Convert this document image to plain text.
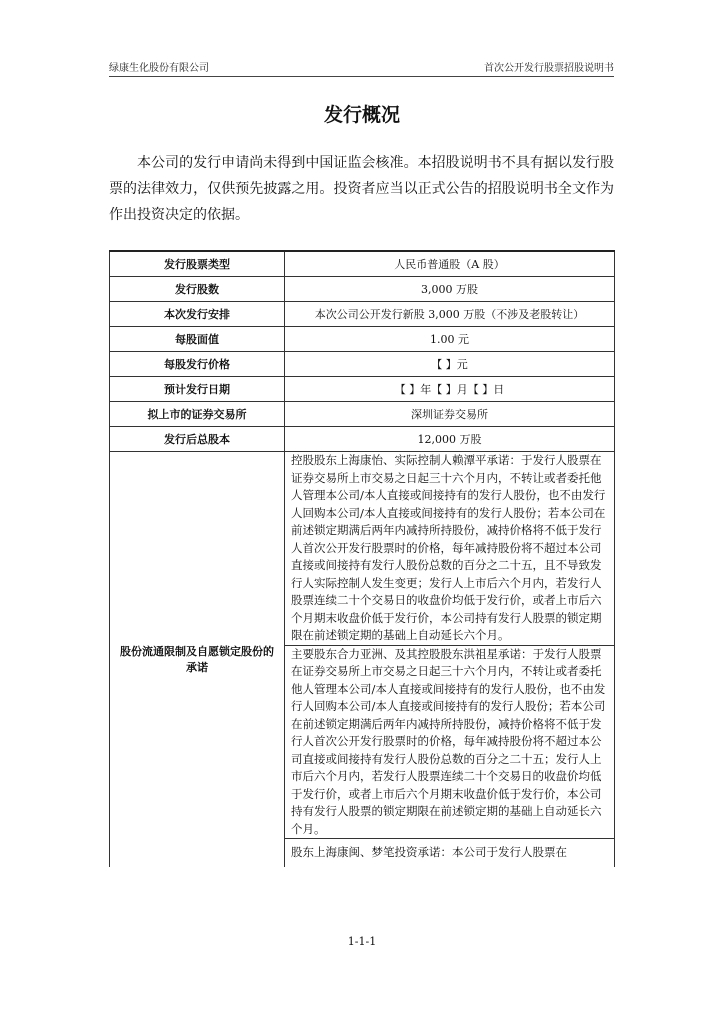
绿康生化股份有限公司	首次公开发行股票招股说明书
发行概况

本公司的发行申请尚未得到中国证监会核准。本招股说明书不具有据以发行股票的法律效力，仅供预先披露之用。投资者应当以正式公告的招股说明书全文作为作出投资决定的依据。

发行股票类型	人民币普通股（A 股）
发行股数	3,000 万股
本次发行安排	本次公司公开发行新股 3,000 万股（不涉及老股转让）
每股面值	1.00 元
每股发行价格	【 】元
预计发行日期	【 】年【 】月【 】日
拟上市的证券交易所	深圳证券交易所
发行后总股本	12,000 万股
股份流通限制及自愿锁定股份的承诺	控股股东上海康怡、实际控制人赖潭平承诺：于发行人股票在证券交易所上市交易之日起三十六个月内，不转让或者委托他人管理本公司/本人直接或间接持有的发行人股份，也不由发行人回购本公司/本人直接或间接持有的发行人股份；若本公司在前述锁定期满后两年内减持所持股份，减持价格将不低于发行人首次公开发行股票时的价格，每年减持股份将不超过本公司直接或间接持有发行人股份总数的百分之二十五，且不导致发行人实际控制人发生变更；发行人上市后六个月内，若发行人股票连续二十个交易日的收盘价均低于发行价，或者上市后六个月期末收盘价低于发行价，本公司持有发行人股票的锁定期限在前述锁定期的基础上自动延长六个月。
	主要股东合力亚洲、及其控股股东洪祖星承诺：于发行人股票在证券交易所上市交易之日起三十六个月内，不转让或者委托他人管理本公司/本人直接或间接持有的发行人股份，也不由发行人回购本公司/本人直接或间接持有的发行人股份；若本公司在前述锁定期满后两年内减持所持股份，减持价格将不低于发行人首次公开发行股票时的价格，每年减持股份将不超过本公司直接或间接持有发行人股份总数的百分之二十五；发行人上市后六个月内，若发行人股票连续二十个交易日的收盘价均低于发行价，或者上市后六个月期末收盘价低于发行价，本公司持有发行人股票的锁定期限在前述锁定期的基础上自动延长六个月。
	股东上海康闽、梦笔投资承诺：本公司于发行人股票在
1-1-1
